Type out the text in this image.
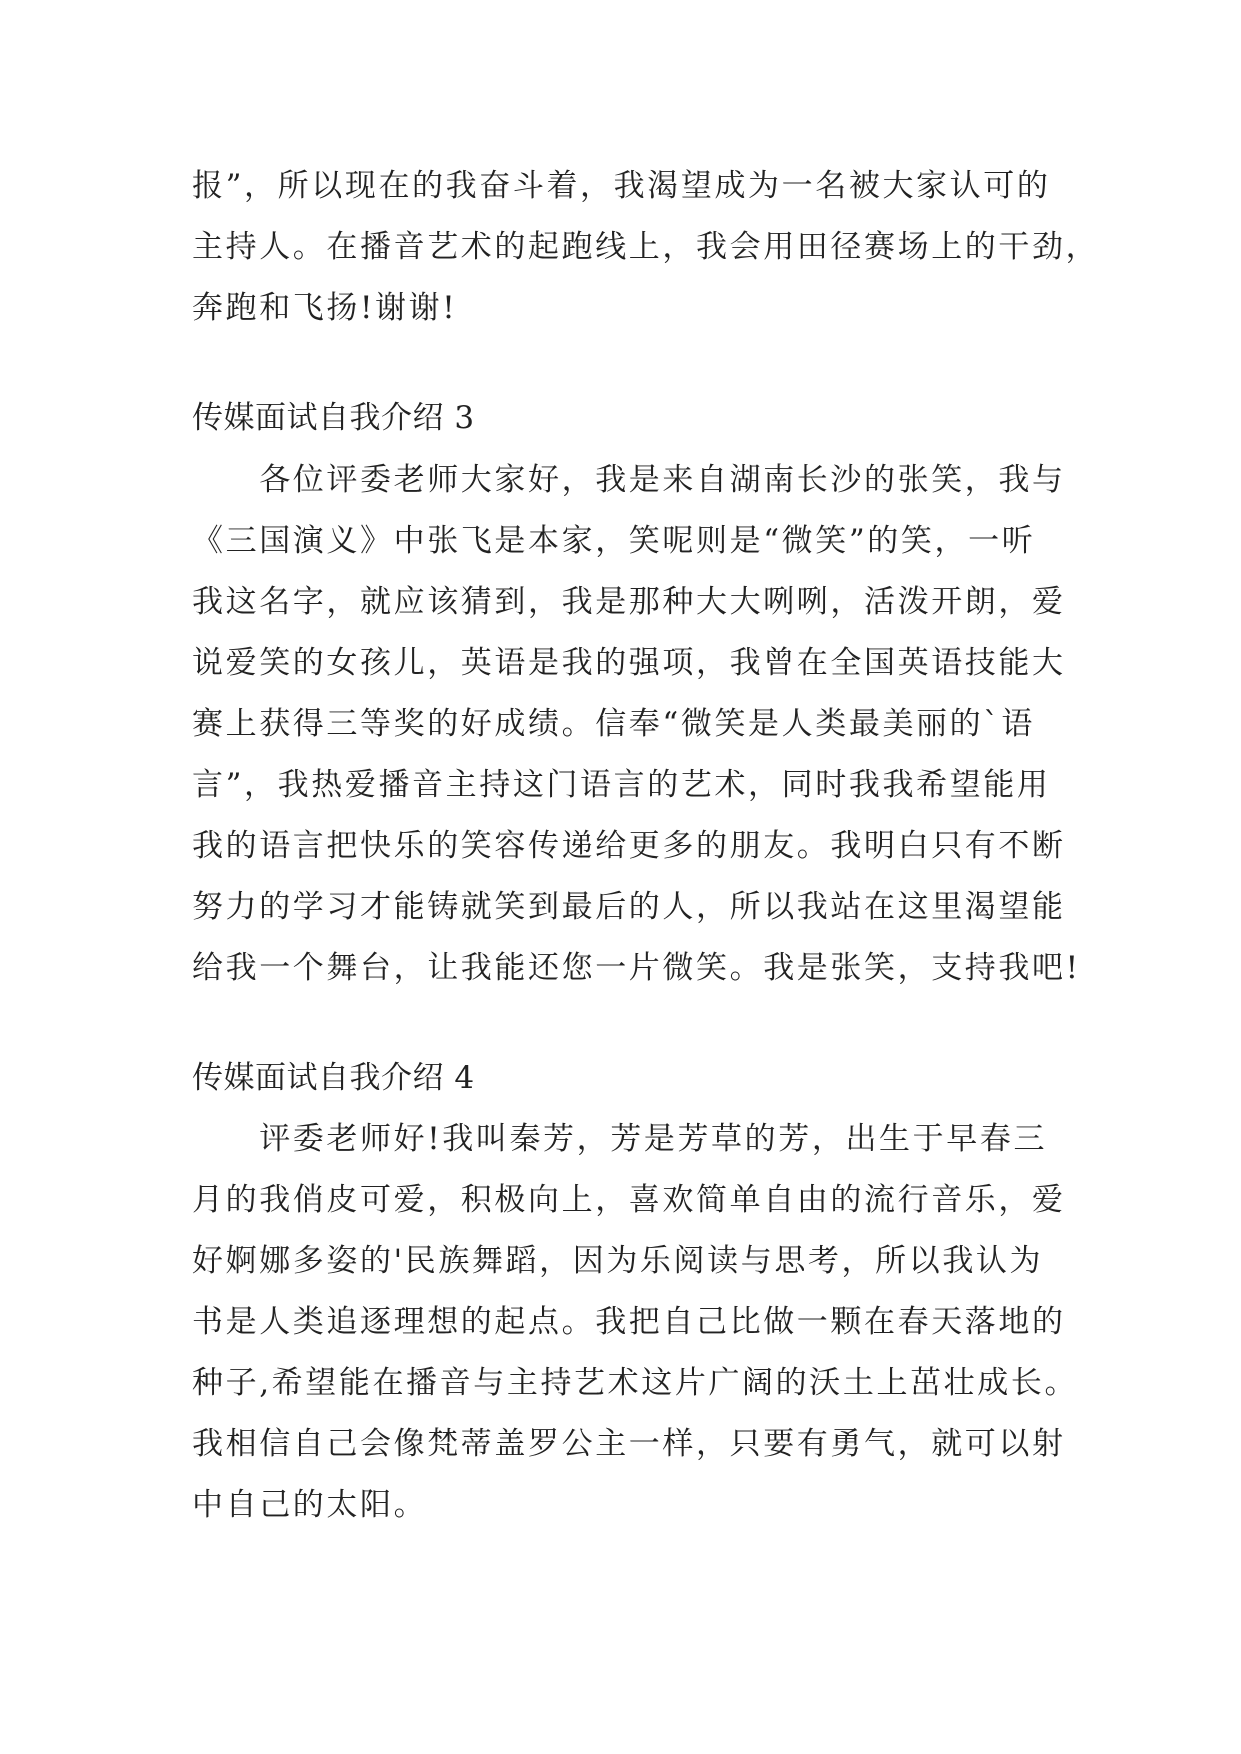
报”，所以现在的我奋斗着，我渴望成为一名被大家认可的
主持人。在播音艺术的起跑线上，我会用田径赛场上的干劲，
奔跑和飞扬!谢谢!
传媒面试自我介绍 3
　　各位评委老师大家好，我是来自湖南长沙的张笑，我与
《三国演义》中张飞是本家，笑呢则是“微笑”的笑，一听
我这名字，就应该猜到，我是那种大大咧咧，活泼开朗，爱
说爱笑的女孩儿，英语是我的强项，我曾在全国英语技能大
赛上获得三等奖的好成绩。信奉“微笑是人类最美丽的`语
言”，我热爱播音主持这门语言的艺术，同时我我希望能用
我的语言把快乐的笑容传递给更多的朋友。我明白只有不断
努力的学习才能铸就笑到最后的人，所以我站在这里渴望能
给我一个舞台，让我能还您一片微笑。我是张笑，支持我吧!
传媒面试自我介绍 4
　　评委老师好!我叫秦芳，芳是芳草的芳，出生于早春三
月的我俏皮可爱，积极向上，喜欢简单自由的流行音乐，爱
好婀娜多姿的'民族舞蹈，因为乐阅读与思考，所以我认为
书是人类追逐理想的起点。我把自己比做一颗在春天落地的
种子,希望能在播音与主持艺术这片广阔的沃土上茁壮成长。
我相信自己会像梵蒂盖罗公主一样，只要有勇气，就可以射
中自己的太阳。
